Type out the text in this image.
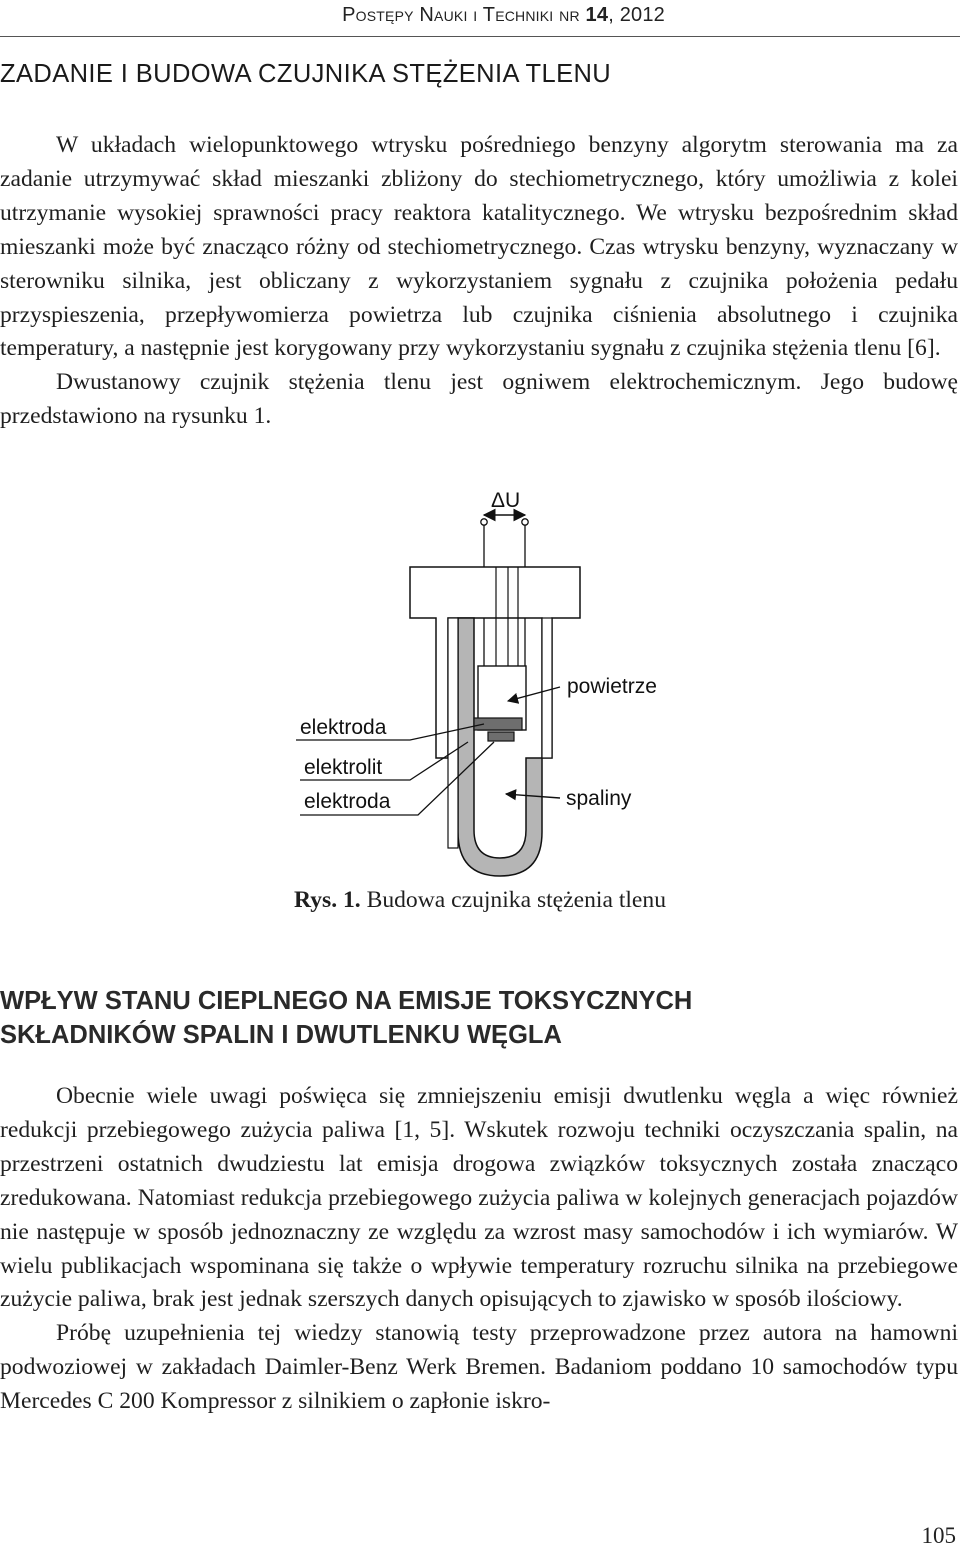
Postępy Nauki i Techniki nr 14, 2012
ZADANIE I BUDOWA CZUJNIKA STĘŻENIA TLENU

W układach wielopunktowego wtrysku pośredniego benzyny algorytm sterowania ma za zadanie utrzymywać skład mieszanki zbliżony do stechiometrycznego, który umożliwia z kolei utrzymanie wysokiej sprawności pracy reaktora katalitycznego. We wtrysku bezpośrednim skład mieszanki może być znacząco różny od stechiometrycznego. Czas wtrysku benzyny, wyznaczany w sterowniku silnika, jest obliczany z wykorzystaniem sygnału z czujnika położenia pedału przyspieszenia, przepływomierza powietrza lub czujnika ciśnienia absolutnego i czujnika temperatury, a następnie jest korygowany przy wykorzystaniu sygnału z czujnika stężenia tlenu [6].

Dwustanowy czujnik stężenia tlenu jest ogniwem elektrochemicznym. Jego budowę przedstawiono na rysunku 1.

ΔU
powietrze
spaliny
elektroda
elektrolit
elektroda
Rys. 1. Budowa czujnika stężenia tlenu
WPŁYW STANU CIEPLNEGO NA EMISJE TOKSYCZNYCH
SKŁADNIKÓW SPALIN I DWUTLENKU WĘGLA

Obecnie wiele uwagi poświęca się zmniejszeniu emisji dwutlenku węgla a więc również redukcji przebiegowego zużycia paliwa [1, 5]. Wskutek rozwoju techniki oczyszczania spalin, na przestrzeni ostatnich dwudziestu lat emisja drogowa związków toksycznych została znacząco zredukowana. Natomiast redukcja przebiegowego zużycia paliwa w kolejnych generacjach pojazdów nie następuje w sposób jednoznaczny ze względu za wzrost masy samochodów i ich wymiarów. W wielu publikacjach wspominana się także o wpływie temperatury rozruchu silnika na przebiegowe zużycie paliwa, brak jest jednak szerszych danych opisujących to zjawisko w sposób ilościowy.

Próbę uzupełnienia tej wiedzy stanowią testy przeprowadzone przez autora na hamowni podwoziowej w zakładach Daimler-Benz Werk Bremen. Badaniom poddano 10 samochodów typu Mercedes C 200 Kompressor z silnikiem o zapłonie iskro-

105
